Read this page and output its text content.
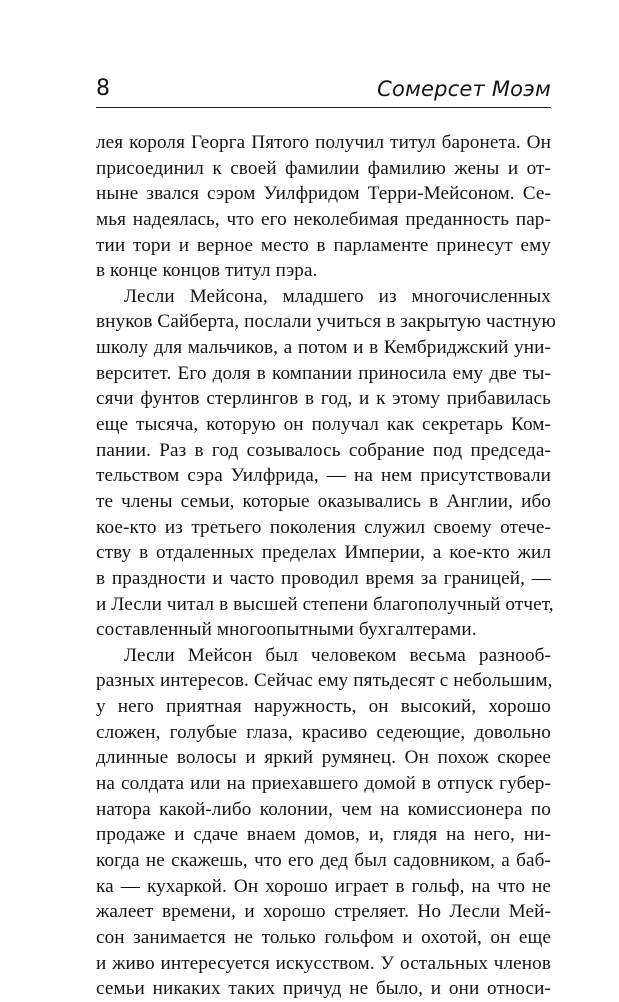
8	Сомерсет Моэм
лея короля Георга Пятого получил титул баронета. Он
присоединил к своей фамилии фамилию жены и от-
ныне звался сэром Уилфридом Терри-Мейсоном. Се-
мья надеялась, что его неколебимая преданность пар-
тии тори и верное место в парламенте принесут ему
в конце концов титул пэра.
Лесли Мейсона, младшего из многочисленных
внуков Сайберта, послали учиться в закрытую частную
школу для мальчиков, а потом и в Кембриджский уни-
верситет. Его доля в компании приносила ему две ты-
сячи фунтов стерлингов в год, и к этому прибавилась
еще тысяча, которую он получал как секретарь Ком-
пании. Раз в год созывалось собрание под председа-
тельством сэра Уилфрида, — на нем присутствовали
те члены семьи, которые оказывались в Англии, ибо
кое-кто из третьего поколения служил своему отече-
ству в отдаленных пределах Империи, а кое-кто жил
в праздности и часто проводил время за границей, —
и Лесли читал в высшей степени благополучный отчет,
составленный многоопытными бухгалтерами.
Лесли Мейсон был человеком весьма разнооб-
разных интересов. Сейчас ему пятьдесят с небольшим,
у него приятная наружность, он высокий, хорошо
сложен, голубые глаза, красиво седеющие, довольно
длинные волосы и яркий румянец. Он похож скорее
на солдата или на приехавшего домой в отпуск губер-
натора какой-либо колонии, чем на комиссионера по
продаже и сдаче внаем домов, и, глядя на него, ни-
когда не скажешь, что его дед был садовником, а баб-
ка — кухаркой. Он хорошо играет в гольф, на что не
жалеет времени, и хорошо стреляет. Но Лесли Мей-
сон занимается не только гольфом и охотой, он еще
и живо интересуется искусством. У остальных членов
семьи никаких таких причуд не было, и они относи-
